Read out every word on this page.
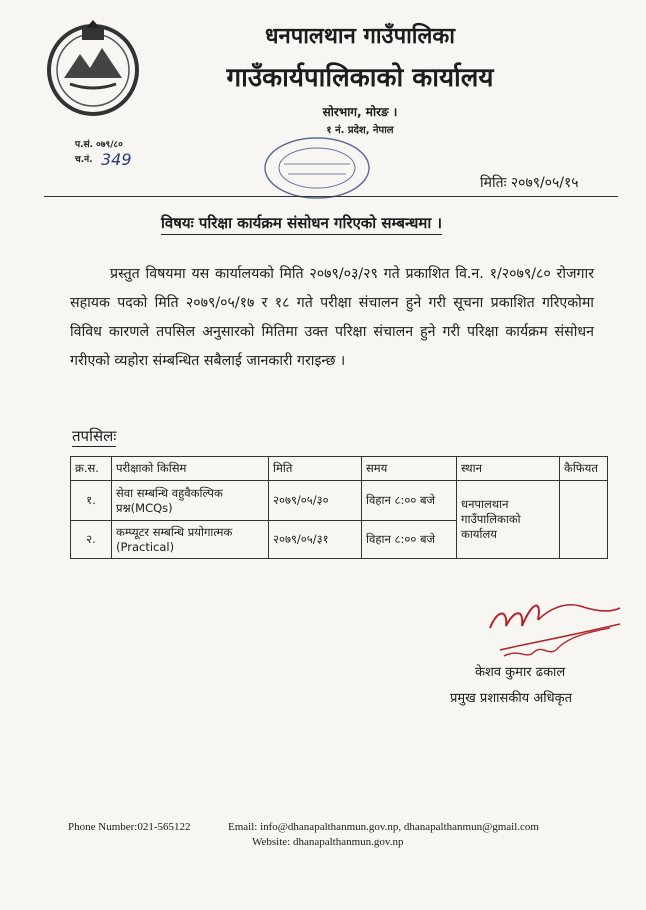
धनपालथान गाउँपालिका
गाउँकार्यपालिकाको कार्यालय
सोरभाग, मोरङ ।
१ नं. प्रदेश, नेपाल
प.सं. ०७९/८०
च.नं. 349
मितिः २०७९/०५/१५
विषयः परिक्षा कार्यक्रम संसोधन गरिएको सम्बन्धमा ।
प्रस्तुत विषयमा यस कार्यालयको मिति २०७९/०३/२९ गते प्रकाशित वि.न. १/२०७९/८० रोजगार सहायक पदको मिति २०७९/०५/१७ र १८ गते परीक्षा संचालन हुने गरी सूचना प्रकाशित गरिएकोमा विविध कारणले तपसिल अनुसारको मितिमा उक्त परिक्षा संचालन हुने गरी परिक्षा कार्यक्रम संसोधन गरीएको व्यहोरा संम्बन्धित सबैलाई जानकारी गराइन्छ ।
तपसिलः
क्र.स.	परीक्षाको किसिम	मिति	समय	स्थान	कैफियत
१.	सेवा सम्बन्धि वहुवैकल्पिक प्रश्न(MCQs)	२०७९/०५/३०	विहान ८:०० बजे	धनपालथान गाउँपालिकाको कार्यालय	
२.	कम्प्यूटर सम्बन्धि प्रयोगात्मक (Practical)	२०७९/०५/३१	विहान ८:०० बजे		
केशव कुमार ढकाल
प्रमुख प्रशासकीय अधिकृत
Phone Number:021-565122	Email: info@dhanapalthanmun.gov.np, dhanapalthanmun@gmail.com
Website: dhanapalthanmun.gov.np
